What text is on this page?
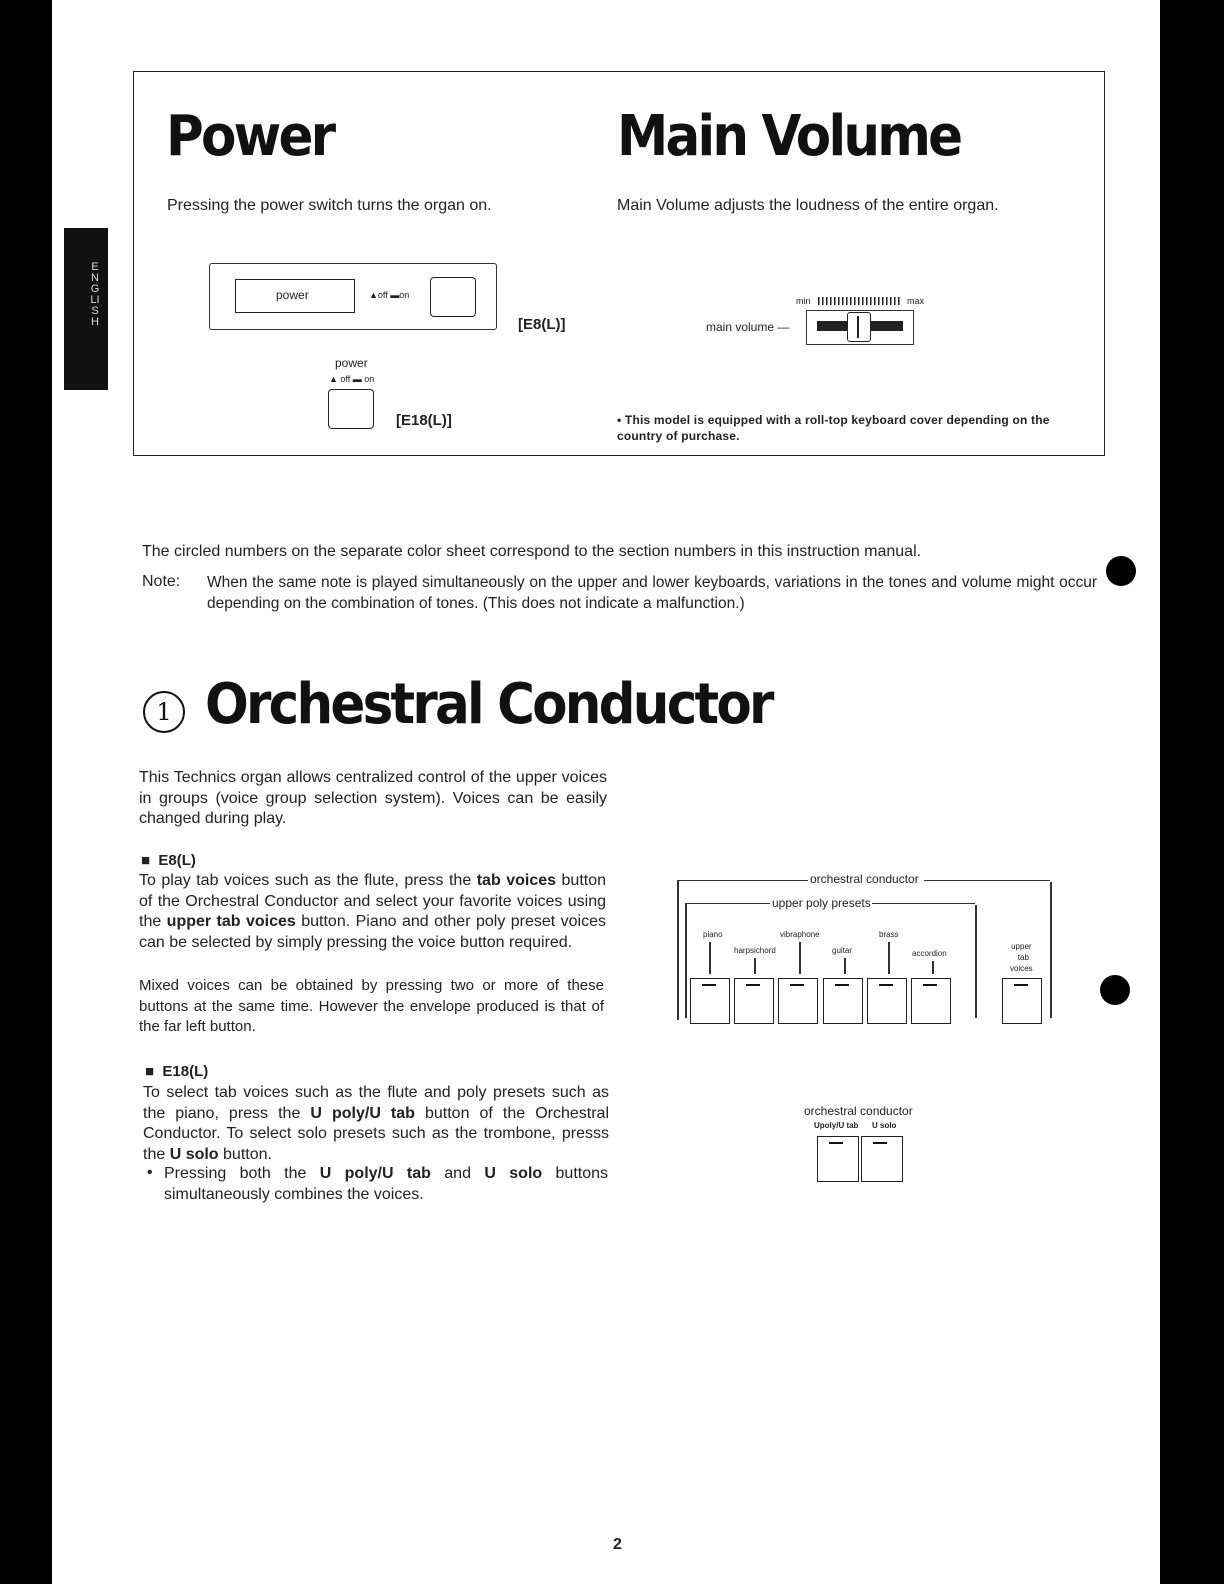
ENGLISH
Power

Pressing the power switch turns the organ on.

power	▲off ▬on
[E8(L)]
power
▲ off ▬ on
[E18(L)]
Main Volume

Main Volume adjusts the loudness of the entire organ.

min	max
main volume —
• This model is equipped with a roll-top keyboard cover depending on the country of purchase.

The circled numbers on the separate color sheet correspond to the section numbers in this instruction manual.

Note: When the same note is played simultaneously on the upper and lower keyboards, variations in the tones and volume might occur depending on the combination of tones. (This does not indicate a malfunction.)

1 Orchestral Conductor

This Technics organ allows centralized control of the upper voices in groups (voice group selection system). Voices can be easily changed during play.

■  E8(L)

To play tab voices such as the flute, press the tab voices button of the Orchestral Conductor and select your favorite voices using the upper tab voices button. Piano and other poly preset voices can be selected by simply pressing the voice button required.

Mixed voices can be obtained by pressing two or more of these buttons at the same time. However the envelope produced is that of the far left button.

■  E18(L)

To select tab voices such as the flute and poly presets such as the piano, press the U poly/U tab button of the Orchestral Conductor. To select solo presets such as the trombone, presss the U solo button.

• Pressing both the U poly/U tab and U solo buttons simultaneously combines the voices.

orchestral conductor
upper poly presets
piano
harpsichord
vibraphone
guitar
brass
accordion
upper
tab
voices
orchestral conductor
Upoly/U tab U solo
2
